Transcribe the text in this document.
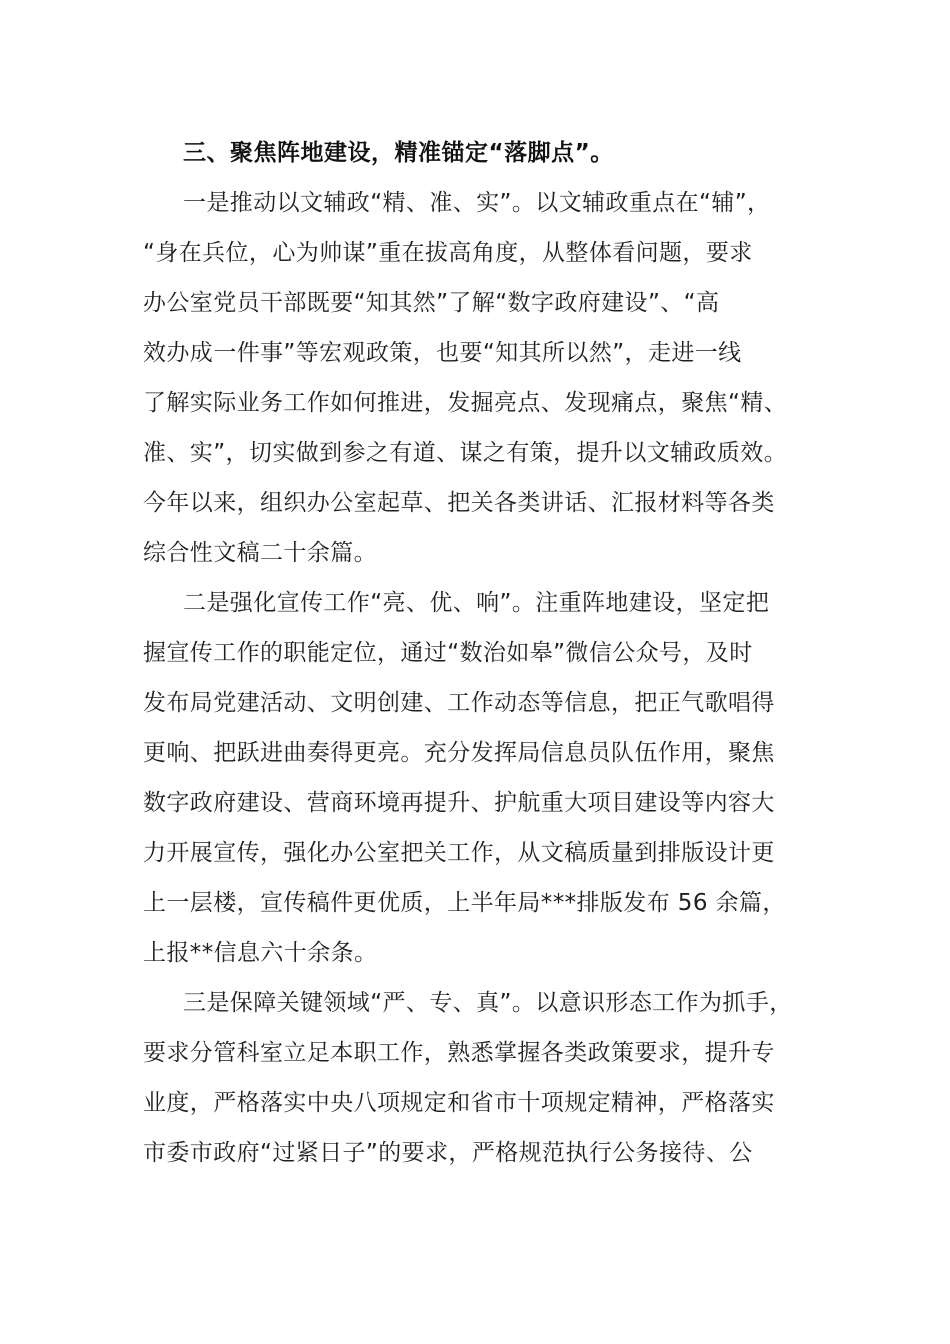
三、聚焦阵地建设，精准锚定“落脚点”。

一是推动以文辅政“精、准、实”。以文辅政重点在“辅”，
“身在兵位，心为帅谋”重在拔高角度，从整体看问题，要求
办公室党员干部既要“知其然”了解“数字政府建设”、“高
效办成一件事”等宏观政策，也要“知其所以然”，走进一线
了解实际业务工作如何推进，发掘亮点、发现痛点，聚焦“精、
准、实”，切实做到参之有道、谋之有策，提升以文辅政质效。
今年以来，组织办公室起草、把关各类讲话、汇报材料等各类
综合性文稿二十余篇。

二是强化宣传工作“亮、优、响”。注重阵地建设，坚定把
握宣传工作的职能定位，通过“数治如皋”微信公众号，及时
发布局党建活动、文明创建、工作动态等信息，把正气歌唱得
更响、把跃进曲奏得更亮。充分发挥局信息员队伍作用，聚焦
数字政府建设、营商环境再提升、护航重大项目建设等内容大
力开展宣传，强化办公室把关工作，从文稿质量到排版设计更
上一层楼，宣传稿件更优质，上半年局***排版发布 56 余篇，
上报**信息六十余条。

三是保障关键领域“严、专、真”。以意识形态工作为抓手，
要求分管科室立足本职工作，熟悉掌握各类政策要求，提升专
业度，严格落实中央八项规定和省市十项规定精神，严格落实
市委市政府“过紧日子”的要求，严格规范执行公务接待、公
